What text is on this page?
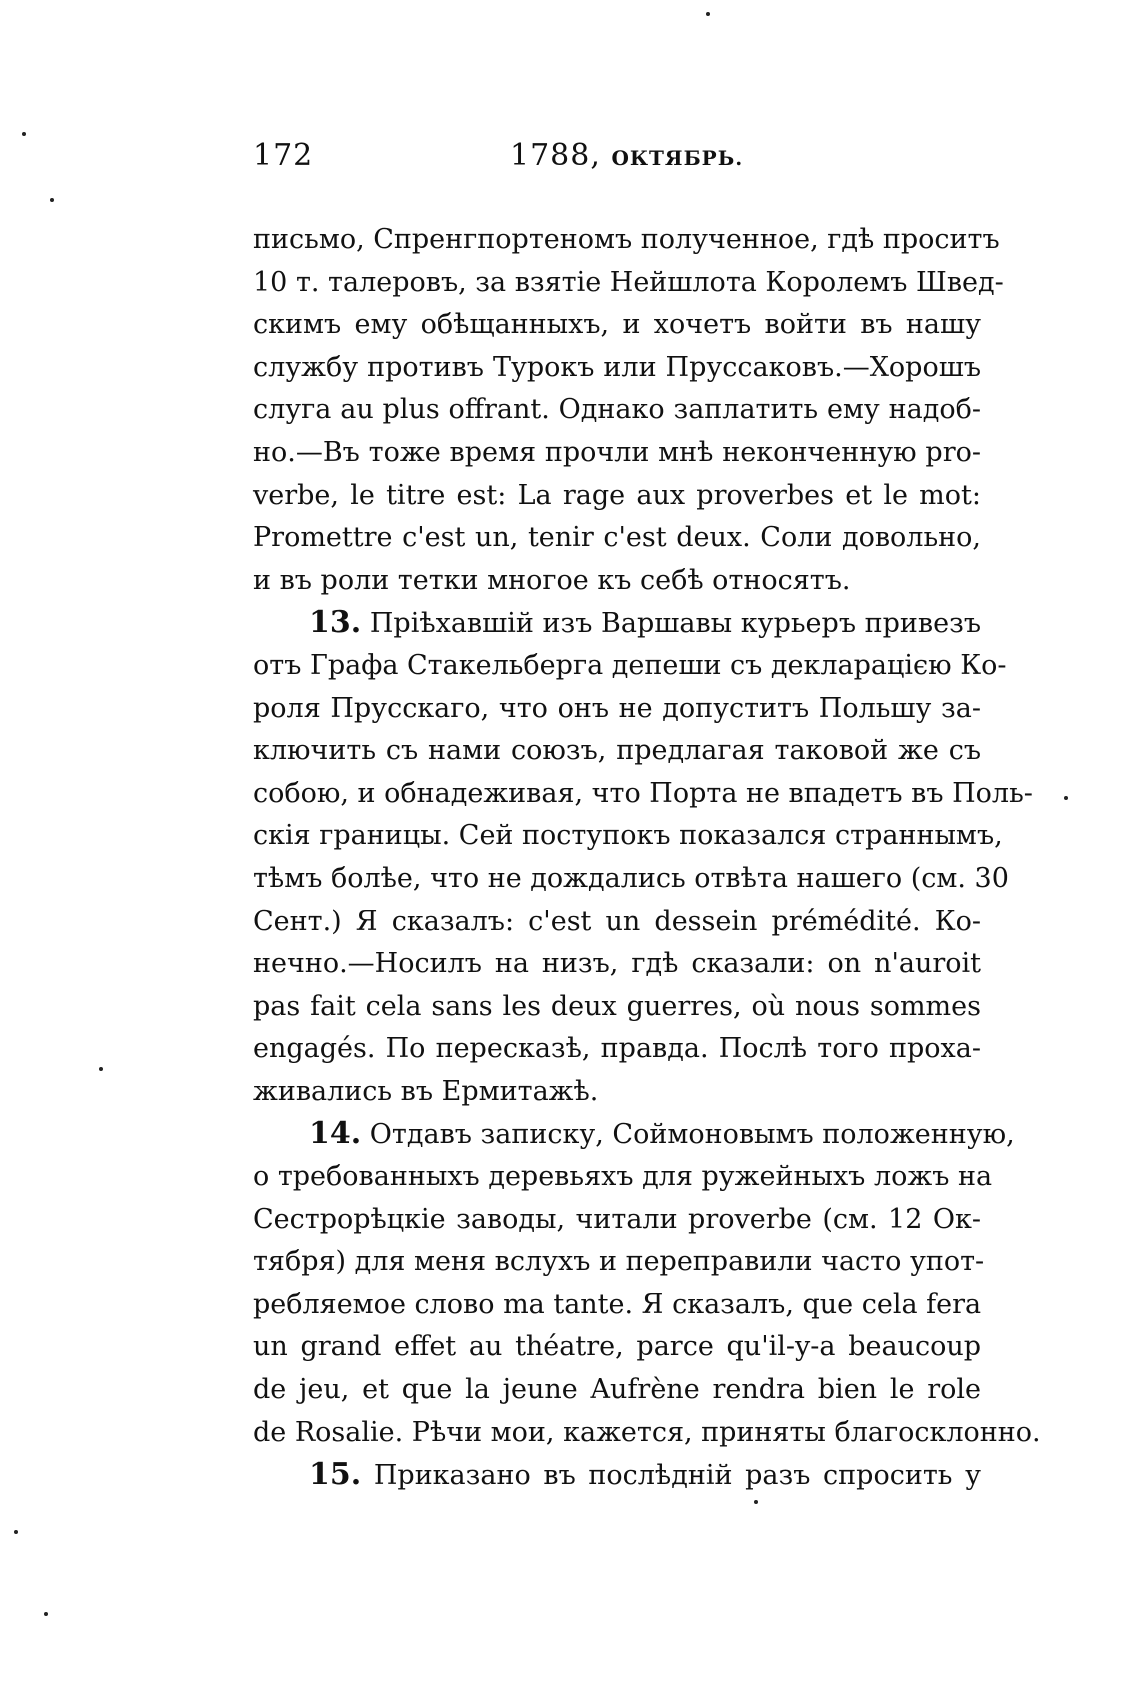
172	1788, ОКТЯБРЬ.
письмо, Спренгпортеномъ полученное, гдѣ проситъ
10 т. талеровъ, за взятіе Нейшлота Королемъ Швед-
скимъ ему обѣщанныхъ, и хочетъ войти въ нашу
службу противъ Турокъ или Пруссаковъ.—Хорошъ
слуга au plus offrant. Однако заплатить ему надоб-
но.—Въ тоже время прочли мнѣ неконченную pro-
verbe, le titre est: La rage aux proverbes et le mot:
Promettre c'est un, tenir c'est deux. Соли довольно,
и въ роли тетки многое къ себѣ относятъ.
13. Пріѣхавшій изъ Варшавы курьеръ привезъ
отъ Графа Стакельберга депеши съ декларацією Ко-
роля Прусскаго, что онъ не допуститъ Польшу за-
ключить съ нами союзъ, предлагая таковой же съ
собою, и обнадеживая, что Порта не впадетъ въ Поль-
скія границы. Сей поступокъ показался страннымъ,
тѣмъ болѣе, что не дождались отвѣта нашего (см. 30
Сент.) Я сказалъ: c'est un dessein prémédité. Ко-
нечно.—Носилъ на низъ, гдѣ сказали: on n'auroit
pas fait cela sans les deux guerres, où nous sommes
engagés. По пересказѣ, правда. Послѣ того проха-
живались въ Ермитажѣ.
14. Отдавъ записку, Соймоновымъ положенную,
о требованныхъ деревьяхъ для ружейныхъ ложъ на
Сестрорѣцкіе заводы, читали proverbe (см. 12 Ок-
тября) для меня вслухъ и переправили часто упот-
ребляемое слово ma tante. Я сказалъ, que cela fera
un grand effet au théatre, parce qu'il-y-a beaucoup
de jeu, et que la jeune Aufrène rendra bien le role
de Rosalie. Рѣчи мои, кажется, приняты благосклонно.
15. Приказано въ послѣдній разъ спросить у
